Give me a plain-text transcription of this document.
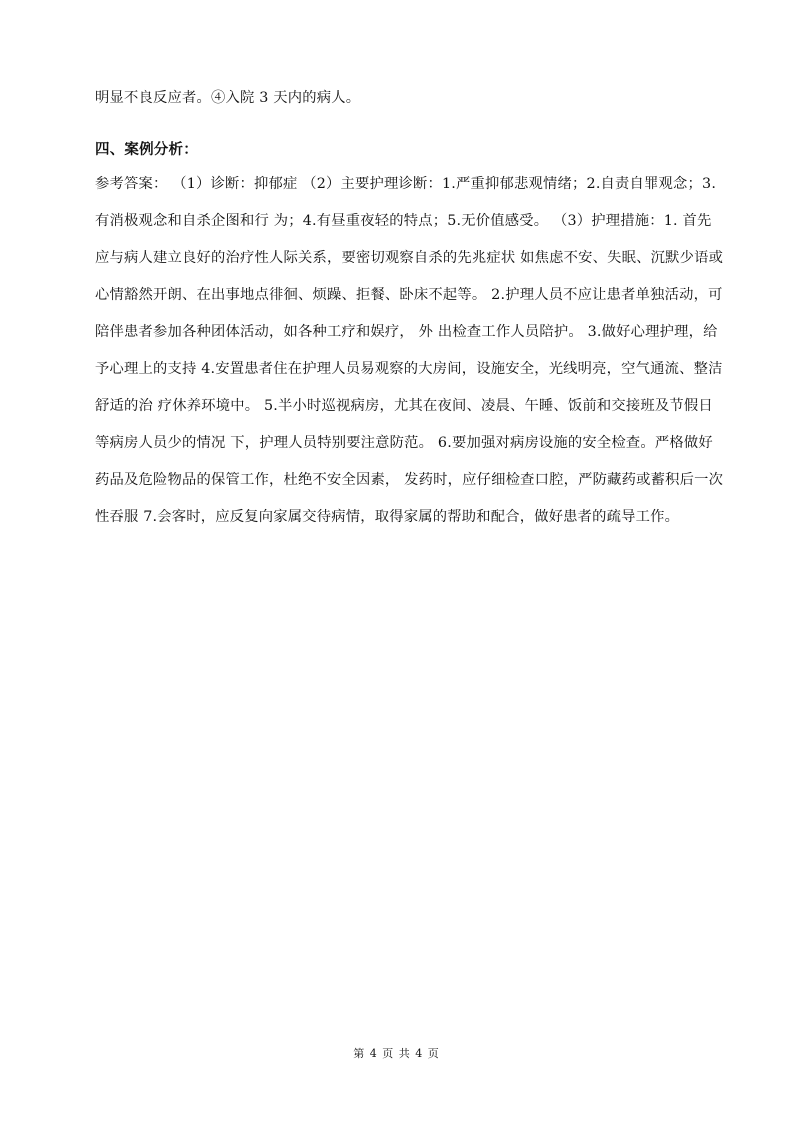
明显不良反应者。④入院 3 天内的病人。
四、案例分析：
参考答案： （1）诊断：抑郁症 （2）主要护理诊断：1.严重抑郁悲观情绪；2.自责自罪观念；3.
有消极观念和自杀企图和行 为；4.有昼重夜轻的特点；5.无价值感受。 （3）护理措施：1. 首先
应与病人建立良好的治疗性人际关系，要密切观察自杀的先兆症状 如焦虑不安、失眠、沉默少语或
心情豁然开朗、在出事地点徘徊、烦躁、拒餐、卧床不起等。 2.护理人员不应让患者单独活动，可
陪伴患者参加各种团体活动，如各种工疗和娱疗， 外 出检查工作人员陪护。 3.做好心理护理，给
予心理上的支持 4.安置患者住在护理人员易观察的大房间，设施安全，光线明亮，空气通流、整洁
舒适的治 疗休养环境中。 5.半小时巡视病房，尤其在夜间、凌晨、午睡、饭前和交接班及节假日
等病房人员少的情况 下，护理人员特别要注意防范。 6.要加强对病房设施的安全检查。严格做好
药品及危险物品的保管工作，杜绝不安全因素， 发药时，应仔细检查口腔，严防藏药或蓄积后一次
性吞服 7.会客时，应反复向家属交待病情，取得家属的帮助和配合，做好患者的疏导工作。
第 4 页 共 4 页
